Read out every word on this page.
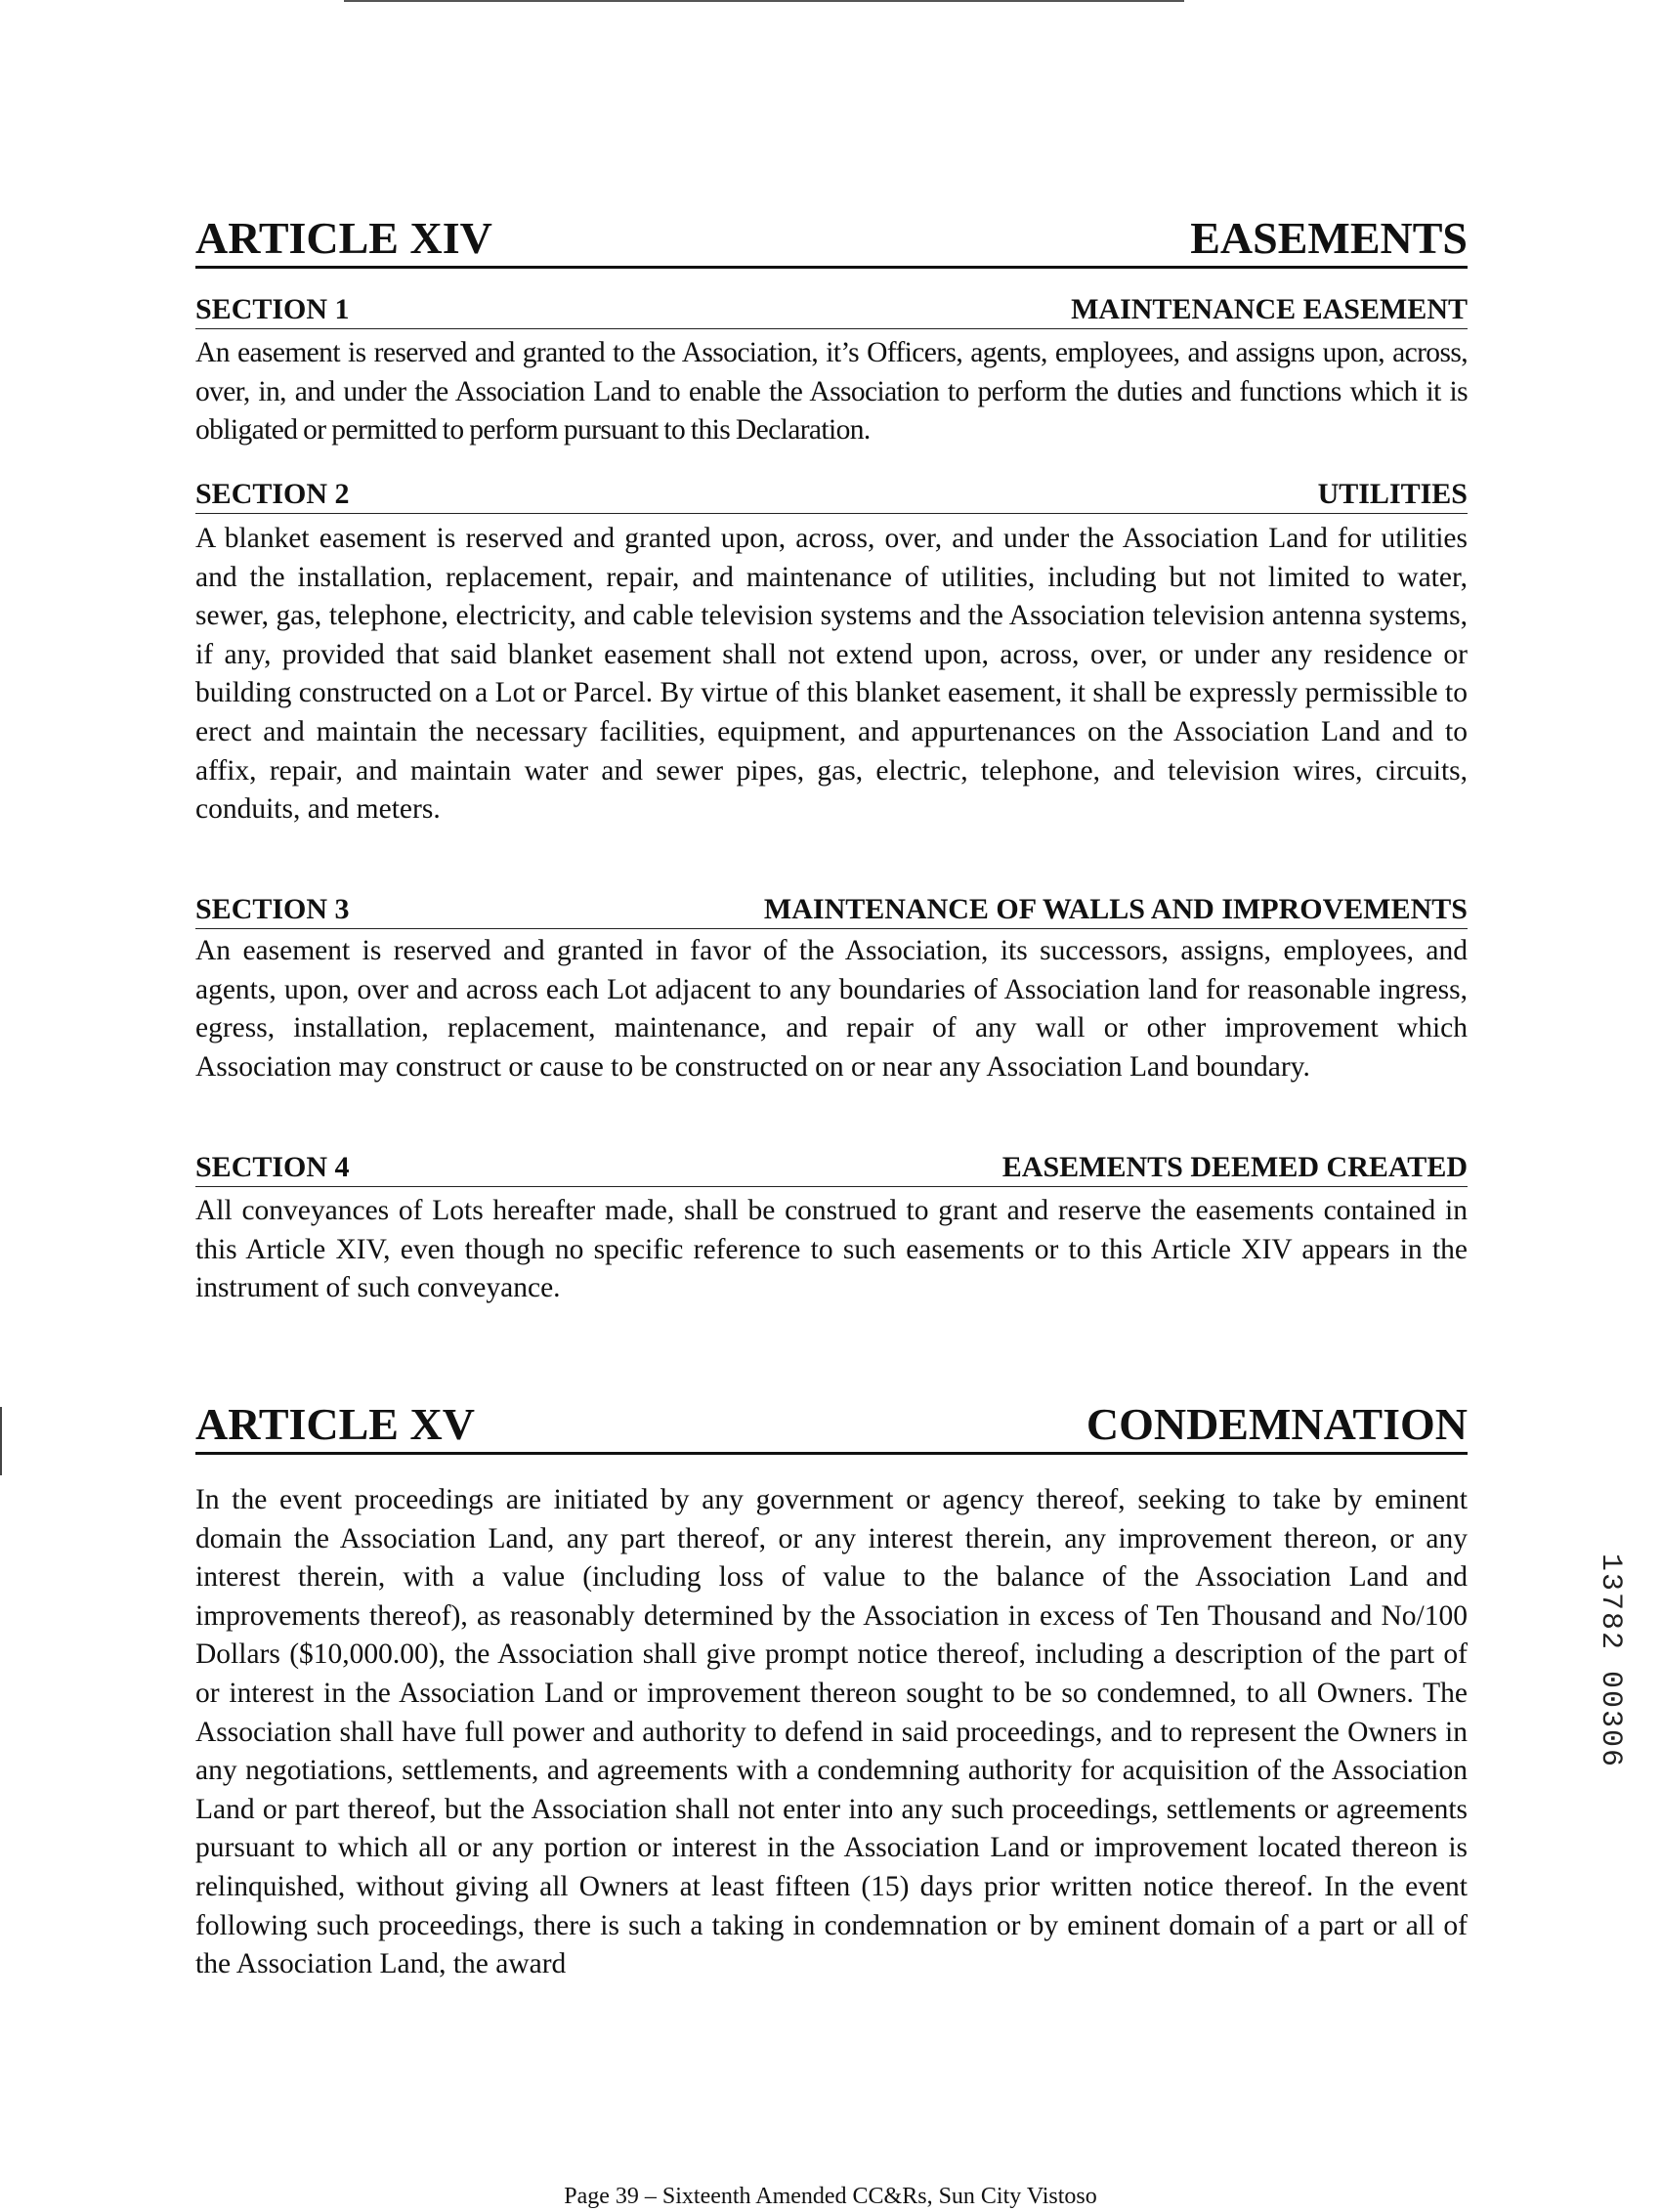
ARTICLE XIV	EASEMENTS
SECTION 1	MAINTENANCE EASEMENT

An easement is reserved and granted to the Association, it’s Officers, agents, employees, and assigns upon, across, over, in, and under the Association Land to enable the Association to perform the duties and functions which it is obligated or permitted to perform pursuant to this Declaration.

SECTION 2	UTILITIES

A blanket easement is reserved and granted upon, across, over, and under the Association Land for utilities and the installation, replacement, repair, and maintenance of utilities, including but not limited to water, sewer, gas, telephone, electricity, and cable television systems and the Association television antenna systems, if any, provided that said blanket easement shall not extend upon, across, over, or under any residence or building constructed on a Lot or Parcel. By virtue of this blanket easement, it shall be expressly permissible to erect and maintain the necessary facilities, equipment, and appurtenances on the Association Land and to affix, repair, and maintain water and sewer pipes, gas, electric, telephone, and television wires, circuits, conduits, and meters.

SECTION 3	MAINTENANCE OF WALLS AND IMPROVEMENTS

An easement is reserved and granted in favor of the Association, its successors, assigns, employees, and agents, upon, over and across each Lot adjacent to any boundaries of Association land for reasonable ingress, egress, installation, replacement, maintenance, and repair of any wall or other improvement which Association may construct or cause to be constructed on or near any Association Land boundary.

SECTION 4	EASEMENTS DEEMED CREATED

All conveyances of Lots hereafter made, shall be construed to grant and reserve the easements contained in this Article XIV, even though no specific reference to such easements or to this Article XIV appears in the instrument of such conveyance.

ARTICLE XV	CONDEMNATION

In the event proceedings are initiated by any government or agency thereof, seeking to take by eminent domain the Association Land, any part thereof, or any interest therein, any improvement thereon, or any interest therein, with a value (including loss of value to the balance of the Association Land and improvements thereof), as reasonably determined by the Association in excess of Ten Thousand and No/100 Dollars ($10,000.00), the Association shall give prompt notice thereof, including a description of the part of or interest in the Association Land or improvement thereon sought to be so condemned, to all Owners. The Association shall have full power and authority to defend in said proceedings, and to represent the Owners in any negotiations, settlements, and agreements with a condemning authority for acquisition of the Association Land or part thereof, but the Association shall not enter into any such proceedings, settlements or agreements pursuant to which all or any portion or interest in the Association Land or improvement located thereon is relinquished, without giving all Owners at least fifteen (15) days prior written notice thereof. In the event following such proceedings, there is such a taking in condemnation or by eminent domain of a part or all of the Association Land, the award

13782 00306
Page 39 – Sixteenth Amended CC&Rs, Sun City Vistoso
